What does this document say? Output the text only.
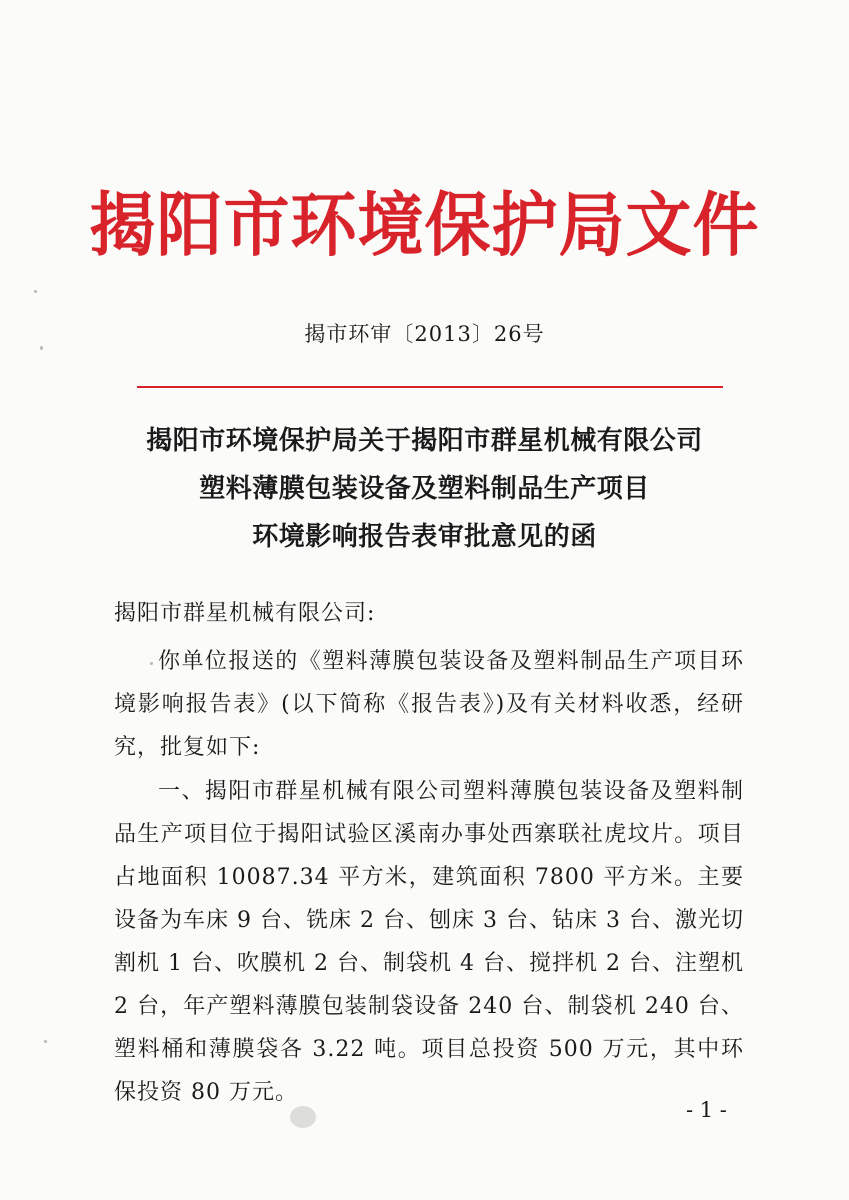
揭阳市环境保护局文件
揭市环审〔2013〕26号
揭阳市环境保护局关于揭阳市群星机械有限公司
塑料薄膜包装设备及塑料制品生产项目
环境影响报告表审批意见的函
揭阳市群星机械有限公司:
你单位报送的《塑料薄膜包装设备及塑料制品生产项目环境影响报告表》(以下简称《报告表》)及有关材料收悉，经研究，批复如下:
一、揭阳市群星机械有限公司塑料薄膜包装设备及塑料制品生产项目位于揭阳试验区溪南办事处西寨联社虎坟片。项目占地面积 10087.34 平方米，建筑面积 7800 平方米。主要设备为车床 9 台、铣床 2 台、刨床 3 台、钻床 3 台、激光切割机 1 台、吹膜机 2 台、制袋机 4 台、搅拌机 2 台、注塑机 2 台，年产塑料薄膜包装制袋设备 240 台、制袋机 240 台、塑料桶和薄膜袋各 3.22 吨。项目总投资 500 万元，其中环保投资 80 万元。
- 1 -
